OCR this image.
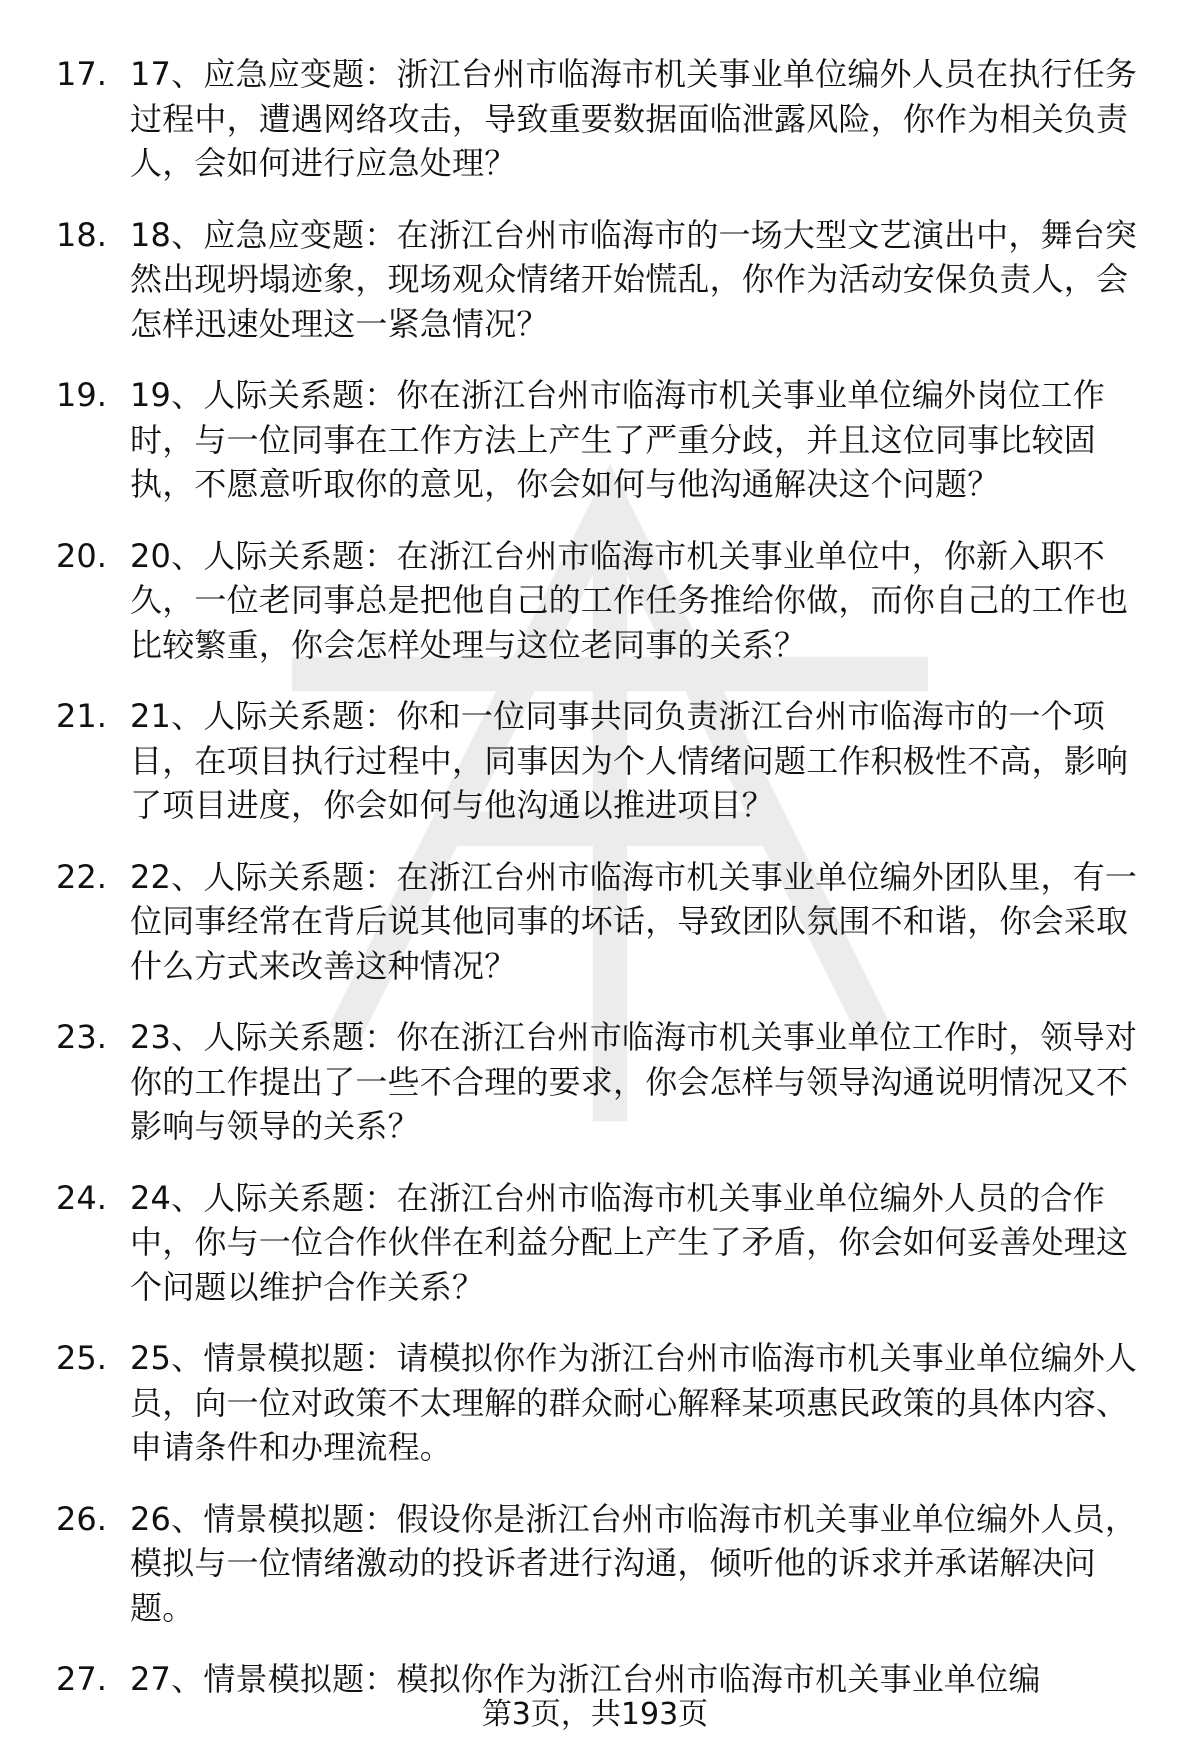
17. 17、应急应变题：浙江台州市临海市机关事业单位编外人员在执行任务过程中，遭遇网络攻击，导致重要数据面临泄露风险，你作为相关负责人，会如何进行应急处理？
18. 18、应急应变题：在浙江台州市临海市的一场大型文艺演出中，舞台突然出现坍塌迹象，现场观众情绪开始慌乱，你作为活动安保负责人，会怎样迅速处理这一紧急情况？
19. 19、人际关系题：你在浙江台州市临海市机关事业单位编外岗位工作时，与一位同事在工作方法上产生了严重分歧，并且这位同事比较固执，不愿意听取你的意见，你会如何与他沟通解决这个问题？
20. 20、人际关系题：在浙江台州市临海市机关事业单位中，你新入职不久，一位老同事总是把他自己的工作任务推给你做，而你自己的工作也比较繁重，你会怎样处理与这位老同事的关系？
21. 21、人际关系题：你和一位同事共同负责浙江台州市临海市的一个项目，在项目执行过程中，同事因为个人情绪问题工作积极性不高，影响了项目进度，你会如何与他沟通以推进项目？
22. 22、人际关系题：在浙江台州市临海市机关事业单位编外团队里，有一位同事经常在背后说其他同事的坏话，导致团队氛围不和谐，你会采取什么方式来改善这种情况？
23. 23、人际关系题：你在浙江台州市临海市机关事业单位工作时，领导对你的工作提出了一些不合理的要求，你会怎样与领导沟通说明情况又不影响与领导的关系？
24. 24、人际关系题：在浙江台州市临海市机关事业单位编外人员的合作中，你与一位合作伙伴在利益分配上产生了矛盾，你会如何妥善处理这个问题以维护合作关系？
25. 25、情景模拟题：请模拟你作为浙江台州市临海市机关事业单位编外人员，向一位对政策不太理解的群众耐心解释某项惠民政策的具体内容、申请条件和办理流程。
26. 26、情景模拟题：假设你是浙江台州市临海市机关事业单位编外人员，模拟与一位情绪激动的投诉者进行沟通，倾听他的诉求并承诺解决问题。
27. 27、情景模拟题：模拟你作为浙江台州市临海市机关事业单位编
第3页，共193页
